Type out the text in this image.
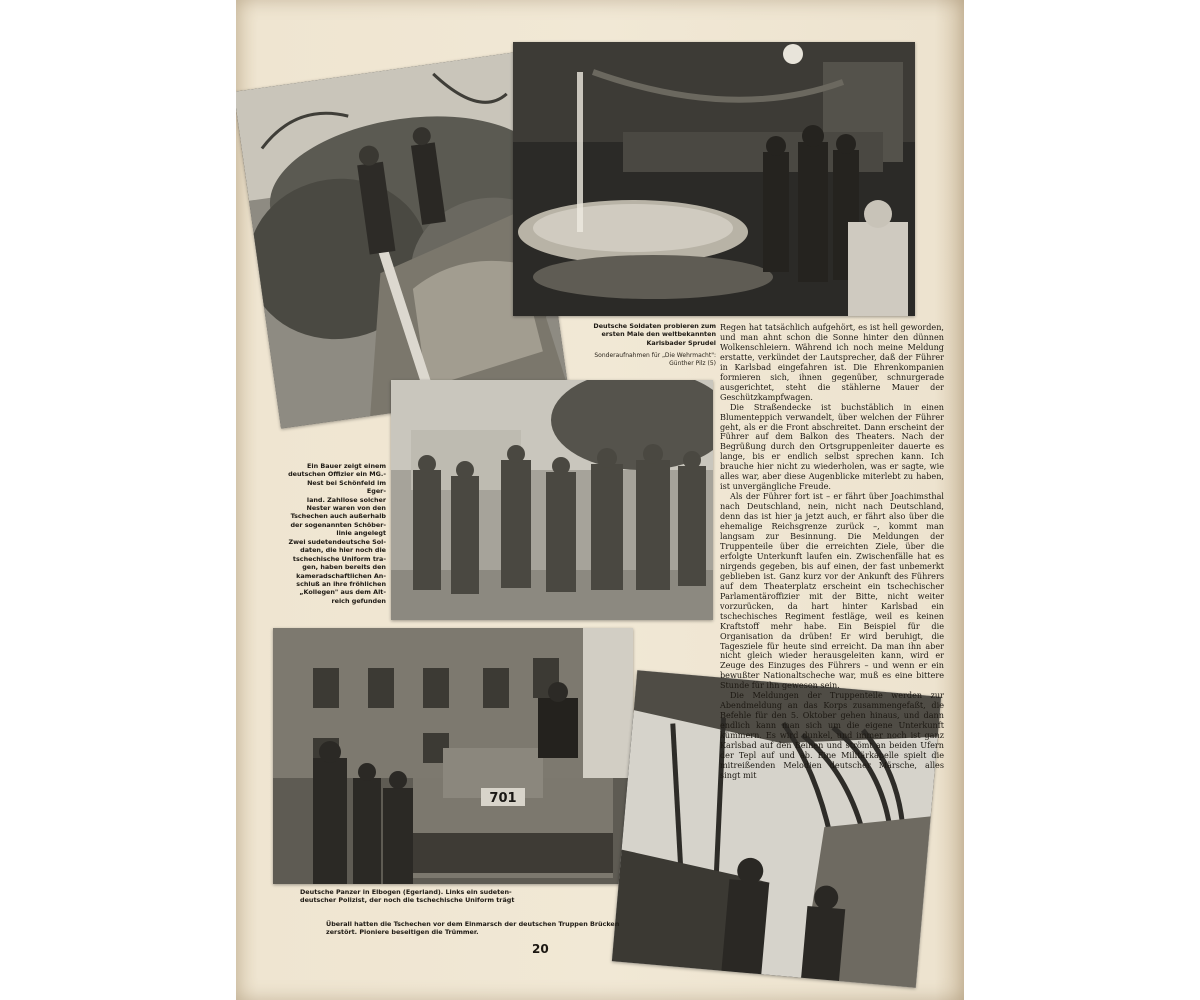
701
Deutsche Soldaten probieren zum
ersten Male den weltbekannten
Karlsbader Sprudel
Sonderaufnahmen für „Die Wehrmacht":
Günther Pilz (5)
Ein Bauer zeigt einem
deutschen Offizier ein MG.-
Nest bei Schönfeld im Eger-
land. Zahllose solcher
Nester waren von den
Tschechen auch außerhalb
der sogenannten Schöber-
linie angelegt
Zwei sudetendeutsche Sol-
daten, die hier noch die
tschechische Uniform tra-
gen, haben bereits den
kameradschaftlichen An-
schluß an ihre fröhlichen
„Kollegen" aus dem Alt-
reich gefunden
Deutsche Panzer in Elbogen (Egerland). Links ein sudeten-
deutscher Polizist, der noch die tschechische Uniform trägt
Überall hatten die Tschechen vor dem Einmarsch der deutschen Truppen Brücken
zerstört. Pioniere beseitigen die Trümmer.

Regen hat tatsächlich aufgehört, es ist hell geworden, und man ahnt schon die Sonne hinter den dünnen Wolkenschleiern. Während ich noch meine Meldung erstatte, verkündet der Lautsprecher, daß der Führer in Karlsbad eingefahren ist. Die Ehrenkompanien formieren sich, ihnen gegenüber, schnurgerade ausgerichtet, steht die stählerne Mauer der Geschützkampfwagen.

Die Straßendecke ist buchstäblich in einen Blumenteppich verwandelt, über welchen der Führer geht, als er die Front abschreitet. Dann erscheint der Führer auf dem Balkon des Theaters. Nach der Begrüßung durch den Ortsgruppenleiter dauerte es lange, bis er endlich selbst sprechen kann. Ich brauche hier nicht zu wiederholen, was er sagte, wie alles war, aber diese Augenblicke miterlebt zu haben, ist unvergängliche Freude.

Als der Führer fort ist – er fährt über Joachimsthal nach Deutschland, nein, nicht nach Deutschland, denn das ist hier ja jetzt auch, er fährt also über die ehemalige Reichsgrenze zurück –, kommt man langsam zur Besinnung. Die Meldungen der Truppenteile über die erreichten Ziele, über die erfolgte Unterkunft laufen ein. Zwischenfälle hat es nirgends gegeben, bis auf einen, der fast unbemerkt geblieben ist. Ganz kurz vor der Ankunft des Führers auf dem Theaterplatz erscheint ein tschechischer Parlamentäroffizier mit der Bitte, nicht weiter vorzurücken, da hart hinter Karlsbad ein tschechisches Regiment festläge, weil es keinen Kraftstoff mehr habe. Ein Beispiel für die Organisation da drüben! Er wird beruhigt, die Tagesziele für heute sind erreicht. Da man ihn aber nicht gleich wieder herausgeleiten kann, wird er Zeuge des Einzuges des Führers – und wenn er ein bewußter Nationaltscheche war, muß es eine bittere Stunde für ihn gewesen sein.

Die Meldungen der Truppenteile werden zur Abendmeldung an das Korps zusammengefaßt, die Befehle für den 5. Oktober gehen hinaus, und dann endlich kann man sich um die eigene Unterkunft kümmern. Es wird dunkel, und immer noch ist ganz Karlsbad auf den Beinen und strömt an beiden Ufern der Tepl auf und ab. Eine Militärkapelle spielt die mitreißenden Melodien deutscher Märsche, alles singt mit

20
